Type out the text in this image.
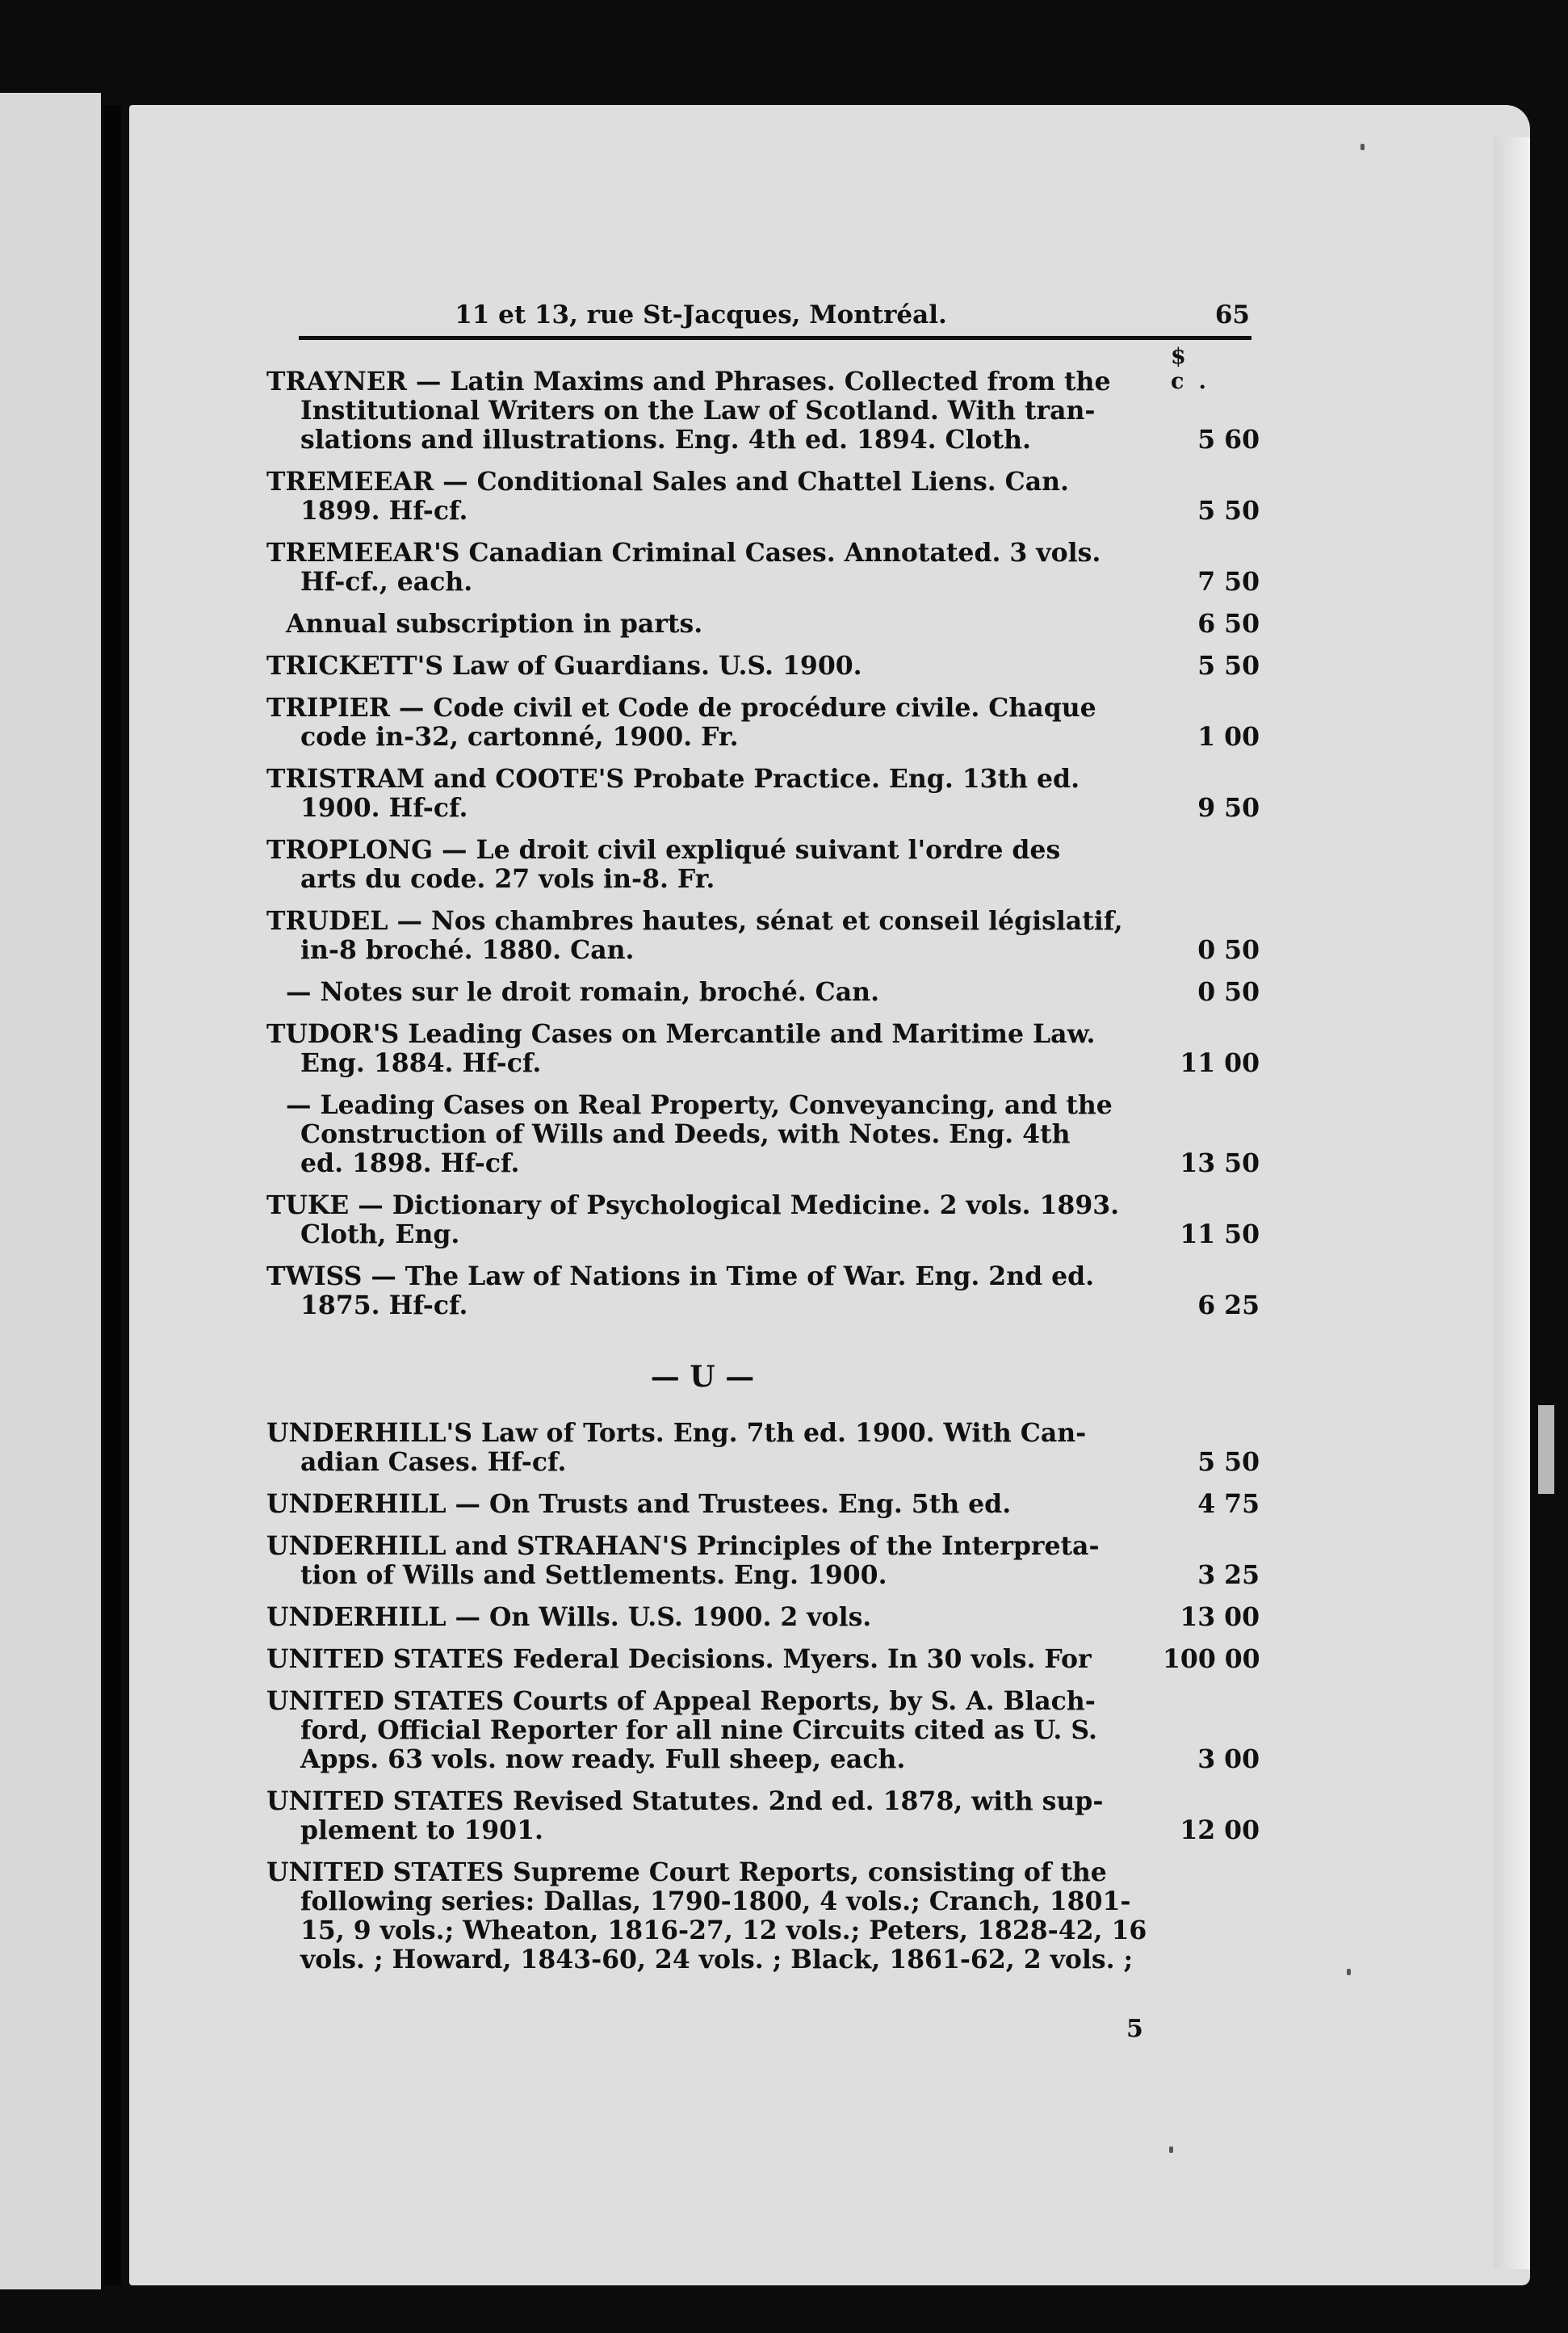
11 et 13, rue St-Jacques, Montréal.	65
$ c.
TRAYNER — Latin Maxims and Phrases. Collected from the
Institutional Writers on the Law of Scotland. With tran-
slations and illustrations. Eng. 4th ed. 1894. Cloth.	5 60
TREMEEAR — Conditional Sales and Chattel Liens. Can.
1899. Hf-cf.	5 50
TREMEEAR'S Canadian Criminal Cases. Annotated. 3 vols.
Hf-cf., each.	7 50
Annual subscription in parts.	6 50
TRICKETT'S Law of Guardians. U.S. 1900.	5 50
TRIPIER — Code civil et Code de procédure civile. Chaque
code in-32, cartonné, 1900. Fr.	1 00
TRISTRAM and COOTE'S Probate Practice. Eng. 13th ed.
1900. Hf-cf.	9 50
TROPLONG — Le droit civil expliqué suivant l'ordre des
arts du code. 27 vols in-8. Fr.
TRUDEL — Nos chambres hautes, sénat et conseil législatif,
in-8 broché. 1880. Can.	0 50
— Notes sur le droit romain, broché. Can.	0 50
TUDOR'S Leading Cases on Mercantile and Maritime Law.
Eng. 1884. Hf-cf.	11 00
— Leading Cases on Real Property, Conveyancing, and the
Construction of Wills and Deeds, with Notes. Eng. 4th
ed. 1898. Hf-cf.	13 50
TUKE — Dictionary of Psychological Medicine. 2 vols. 1893.
Cloth, Eng.	11 50
TWISS — The Law of Nations in Time of War. Eng. 2nd ed.
1875. Hf-cf.	6 25
— U —
UNDERHILL'S Law of Torts. Eng. 7th ed. 1900. With Can-
adian Cases. Hf-cf.	5 50
UNDERHILL — On Trusts and Trustees. Eng. 5th ed.	4 75
UNDERHILL and STRAHAN'S Principles of the Interpreta-
tion of Wills and Settlements. Eng. 1900.	3 25
UNDERHILL — On Wills. U.S. 1900. 2 vols.	13 00
UNITED STATES Federal Decisions. Myers. In 30 vols. For	100 00
UNITED STATES Courts of Appeal Reports, by S. A. Blach-
ford, Official Reporter for all nine Circuits cited as U. S.
Apps. 63 vols. now ready. Full sheep, each.	3 00
UNITED STATES Revised Statutes. 2nd ed. 1878, with sup-
plement to 1901.	12 00
UNITED STATES Supreme Court Reports, consisting of the
following series: Dallas, 1790-1800, 4 vols.; Cranch, 1801-
15, 9 vols.; Wheaton, 1816-27, 12 vols.; Peters, 1828-42, 16
vols. ; Howard, 1843-60, 24 vols. ; Black, 1861-62, 2 vols. ;
5
